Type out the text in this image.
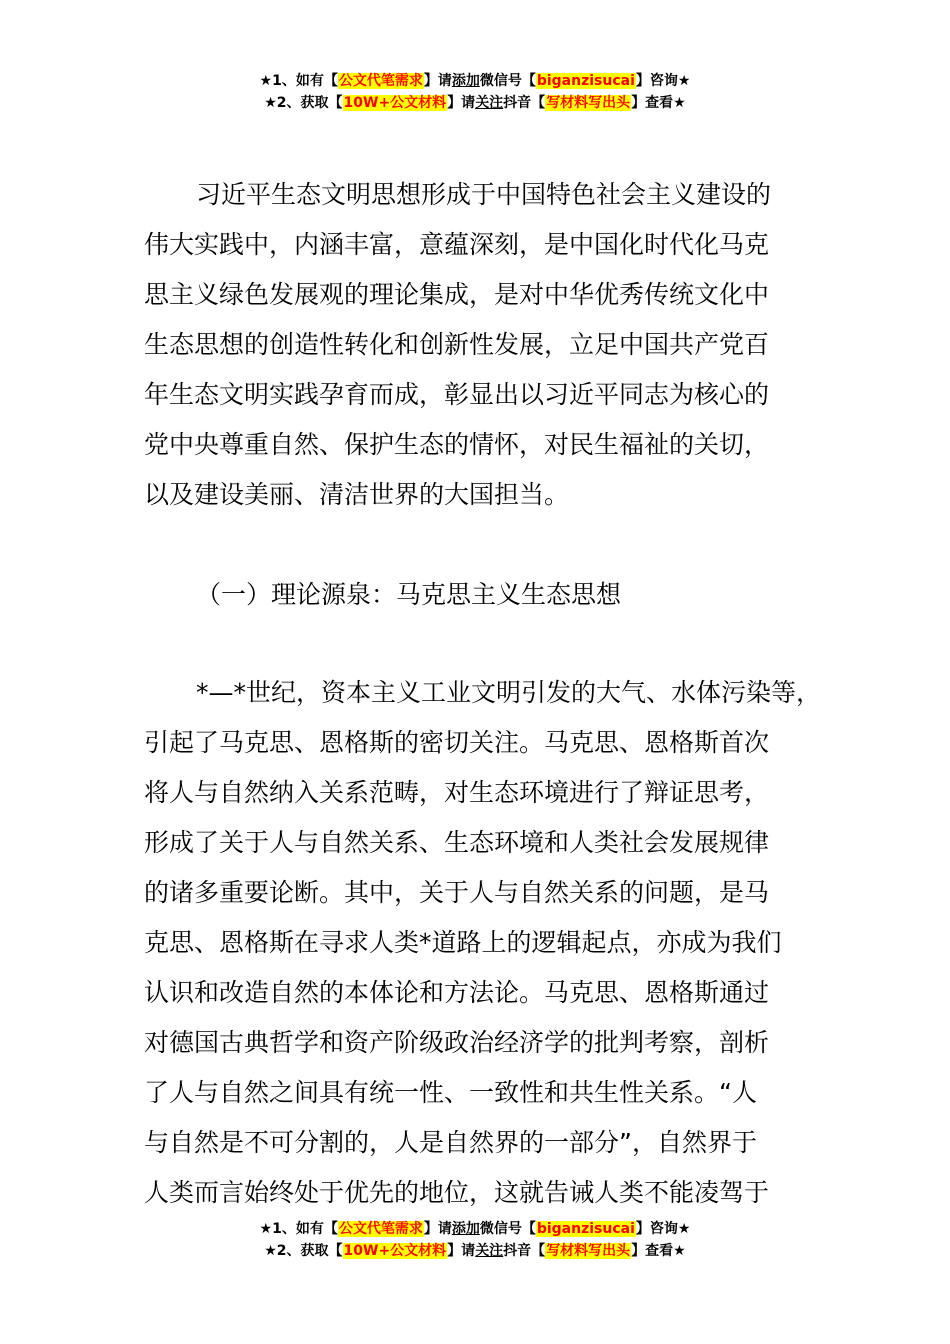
★1、如有【公文代笔需求】请添加微信号【biganzisucai】咨询★
★2、获取【10W+公文材料】请关注抖音【写材料写出头】查看★
习近平生态文明思想形成于中国特色社会主义建设的
伟大实践中，内涵丰富，意蕴深刻，是中国化时代化马克
思主义绿色发展观的理论集成，是对中华优秀传统文化中
生态思想的创造性转化和创新性发展，立足中国共产党百
年生态文明实践孕育而成，彰显出以习近平同志为核心的
党中央尊重自然、保护生态的情怀，对民生福祉的关切，
以及建设美丽、清洁世界的大国担当。
（一）理论源泉：马克思主义生态思想
*—*世纪，资本主义工业文明引发的大气、水体污染等，
引起了马克思、恩格斯的密切关注。马克思、恩格斯首次
将人与自然纳入关系范畴，对生态环境进行了辩证思考，
形成了关于人与自然关系、生态环境和人类社会发展规律
的诸多重要论断。其中，关于人与自然关系的问题，是马
克思、恩格斯在寻求人类*道路上的逻辑起点，亦成为我们
认识和改造自然的本体论和方法论。马克思、恩格斯通过
对德国古典哲学和资产阶级政治经济学的批判考察，剖析
了人与自然之间具有统一性、一致性和共生性关系。“人
与自然是不可分割的，人是自然界的一部分”，自然界于
人类而言始终处于优先的地位，这就告诫人类不能凌驾于
★1、如有【公文代笔需求】请添加微信号【biganzisucai】咨询★
★2、获取【10W+公文材料】请关注抖音【写材料写出头】查看★
